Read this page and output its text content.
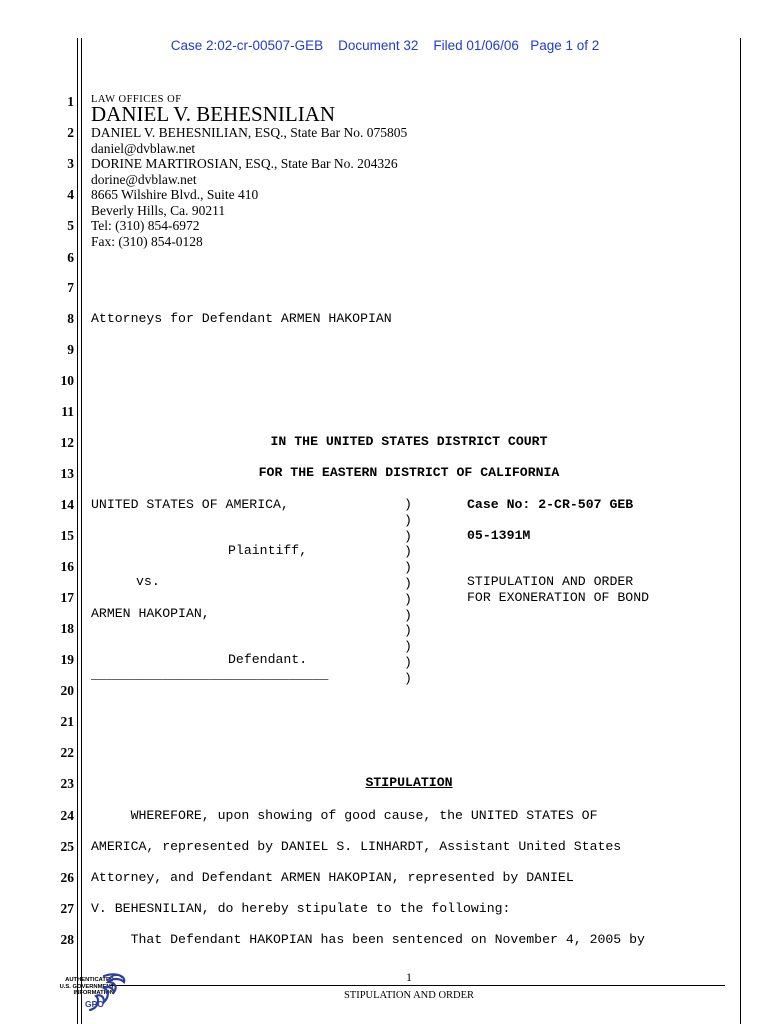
Case 2:02-cr-00507-GEB    Document 32    Filed 01/06/06   Page 1 of 2
1
2
3
4
5
6
7
8
9
10
11
12
13
14
15
16
17
18
19
20
21
22
23
24
25
26
27
28
LAW OFFICES OF
DANIEL V. BEHESNILIAN
DANIEL V. BEHESNILIAN, ESQ., State Bar No. 075805
daniel@dvblaw.net
DORINE MARTIROSIAN, ESQ., State Bar No. 204326
dorine@dvblaw.net
8665 Wilshire Blvd., Suite 410
Beverly Hills, Ca. 90211
Tel: (310) 854-6972
Fax: (310) 854-0128
Attorneys for Defendant ARMEN HAKOPIAN
IN THE UNITED STATES DISTRICT COURT
FOR THE EASTERN DISTRICT OF CALIFORNIA
UNITED STATES OF AMERICA,
Plaintiff,
vs.
ARMEN HAKOPIAN,
Defendant.
______________________________
)
)
)
)
)
)
)
)
)
)
)
)
Case No: 2-CR-507 GEB
05-1391M
STIPULATION AND ORDER
FOR EXONERATION OF BOND
STIPULATION
WHEREFORE, upon showing of good cause, the UNITED STATES OF
AMERICA, represented by DANIEL S. LINHARDT, Assistant United States
Attorney, and Defendant ARMEN HAKOPIAN, represented by DANIEL
V. BEHESNILIAN, do hereby stipulate to the following:
That Defendant HAKOPIAN has been sentenced on November 4, 2005 by
1
STIPULATION AND ORDER
AUTHENTICATED
U.S. GOVERNMENT
INFORMATION
GPO
